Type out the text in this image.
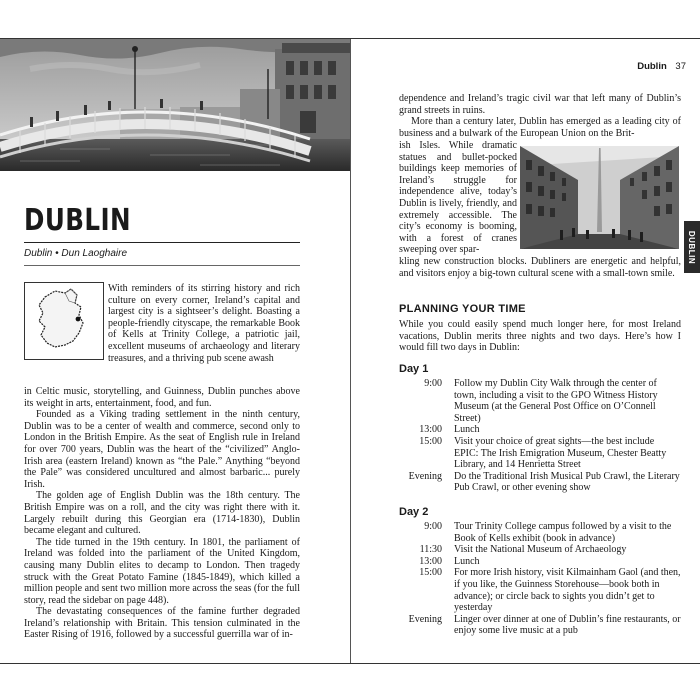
DUBLIN
Dublin • Dun Laoghaire

With reminders of its stirring history and rich culture on every corner, Ireland’s capital and largest city is a sightseer’s delight. Boasting a people-friendly cityscape, the remarkable Book of Kells at Trinity College, a patriotic jail, excellent museums of archaeology and literary treasures, and a thriving pub scene awash

in Celtic music, storytelling, and Guinness, Dublin punches above its weight in arts, entertainment, food, and fun.

Founded as a Viking trading settlement in the ninth century, Dublin was to be a center of wealth and commerce, second only to London in the British Empire. As the seat of English rule in Ireland for over 700 years, Dublin was the heart of the “civilized” Anglo-Irish area (eastern Ireland) known as “the Pale.” Anything “beyond the Pale” was considered uncultured and almost barbaric... purely Irish.

The golden age of English Dublin was the 18th century. The British Empire was on a roll, and the city was right there with it. Largely rebuilt during this Georgian era (1714-1830), Dublin became elegant and cultured.

The tide turned in the 19th century. In 1801, the parliament of Ireland was folded into the parliament of the United Kingdom, causing many Dublin elites to decamp to London. Then tragedy struck with the Great Potato Famine (1845-1849), which killed a million people and sent two million more across the seas (for the full story, read the sidebar on page 448).

The devastating consequences of the famine further degraded Ireland’s relationship with Britain. This tension culminated in the Easter Rising of 1916, followed by a successful guerrilla war of in-

Dublin 37
DUBLIN

dependence and Ireland’s tragic civil war that left many of Dublin’s grand streets in ruins.

More than a century later, Dublin has emerged as a leading city of business and a bulwark of the European Union on the Brit-

ish Isles. While dramatic statues and bullet-pocked buildings keep memories of Ireland’s struggle for independence alive, today’s Dublin is lively, friendly, and extremely accessible. The city’s economy is booming, with a forest of cranes sweeping over spar-

kling new construction blocks. Dubliners are energetic and helpful, and visitors enjoy a big-town cultural scene with a small-town smile.

PLANNING YOUR TIME

While you could easily spend much longer here, for most Ireland vacations, Dublin merits three nights and two days. Here’s how I would fill two days in Dublin:

Day 1
9:00 Follow my Dublin City Walk through the center of town, including a visit to the GPO Witness History Museum (at the General Post Office on O’Connell Street)
13:00 Lunch
15:00 Visit your choice of great sights—the best include EPIC: The Irish Emigration Museum, Chester Beatty Library, and 14 Henrietta Street
Evening Do the Traditional Irish Musical Pub Crawl, the Literary Pub Crawl, or other evening show
Day 2
9:00 Tour Trinity College campus followed by a visit to the Book of Kells exhibit (book in advance)
11:30 Visit the National Museum of Archaeology
13:00 Lunch
15:00 For more Irish history, visit Kilmainham Gaol (and then, if you like, the Guinness Storehouse—book both in advance); or circle back to sights you didn’t get to yesterday
Evening Linger over dinner at one of Dublin’s fine restaurants, or enjoy some live music at a pub
